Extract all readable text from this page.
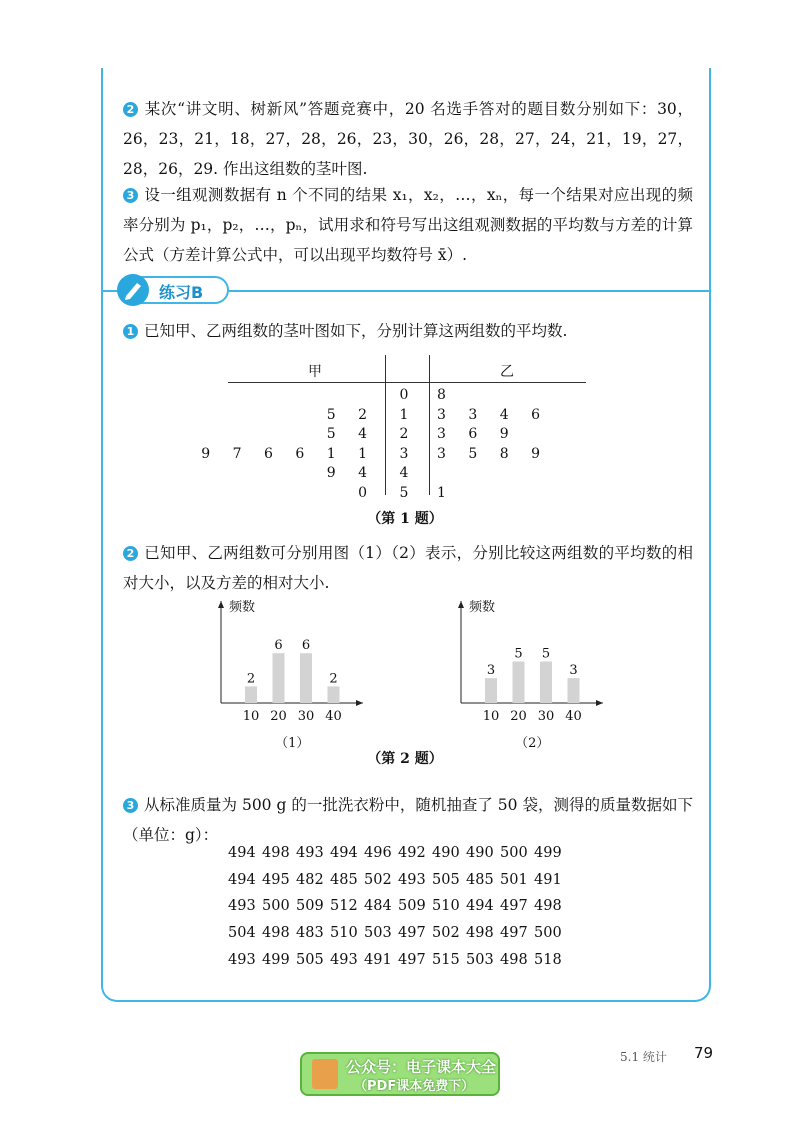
2 某次“讲文明、树新风”答题竞赛中，20 名选手答对的题目数分别如下：30，26，23，21，18，27，28，26，23，30，26，28，27，24，21，19，27，28，26，29. 作出这组数的茎叶图.
3 设一组观测数据有 n 个不同的结果 x₁，x₂，…，xₙ，每一个结果对应出现的频率分别为 p₁，p₂，…，pₙ，试用求和符号写出这组观测数据的平均数与方差的计算公式（方差计算公式中，可以出现平均数符号 x̄）.
练习B
1 已知甲、乙两组数的茎叶图如下，分别计算这两组数的平均数.
甲	乙
0	8
5 2	1	3 3 4 6
5 4	2	3 6 9
9 7 6 6 1 1	3	3 5 8 9
9 4	4
0	5	1
（第 1 题）
2 已知甲、乙两组数可分别用图（1）（2）表示，分别比较这两组数的平均数的相对大小，以及方差的相对大小.
频数
2
10
6
20
6
30
2
40
（1）
频数
3
10
5
20
5
30
3
40
（2）
（第 2 题）
3 从标准质量为 500 g 的一批洗衣粉中，随机抽查了 50 袋，测得的质量数据如下（单位：g）：
494 498 493 494 496 492 490 490 500 499
494 495 482 485 502 493 505 485 501 491
493 500 509 512 484 509 510 494 497 498
504 498 483 510 503 497 502 498 497 500
493 499 505 493 491 497 515 503 498 518
公众号：电子课本大全
（PDF课本免费下）
5.1 统计 79
